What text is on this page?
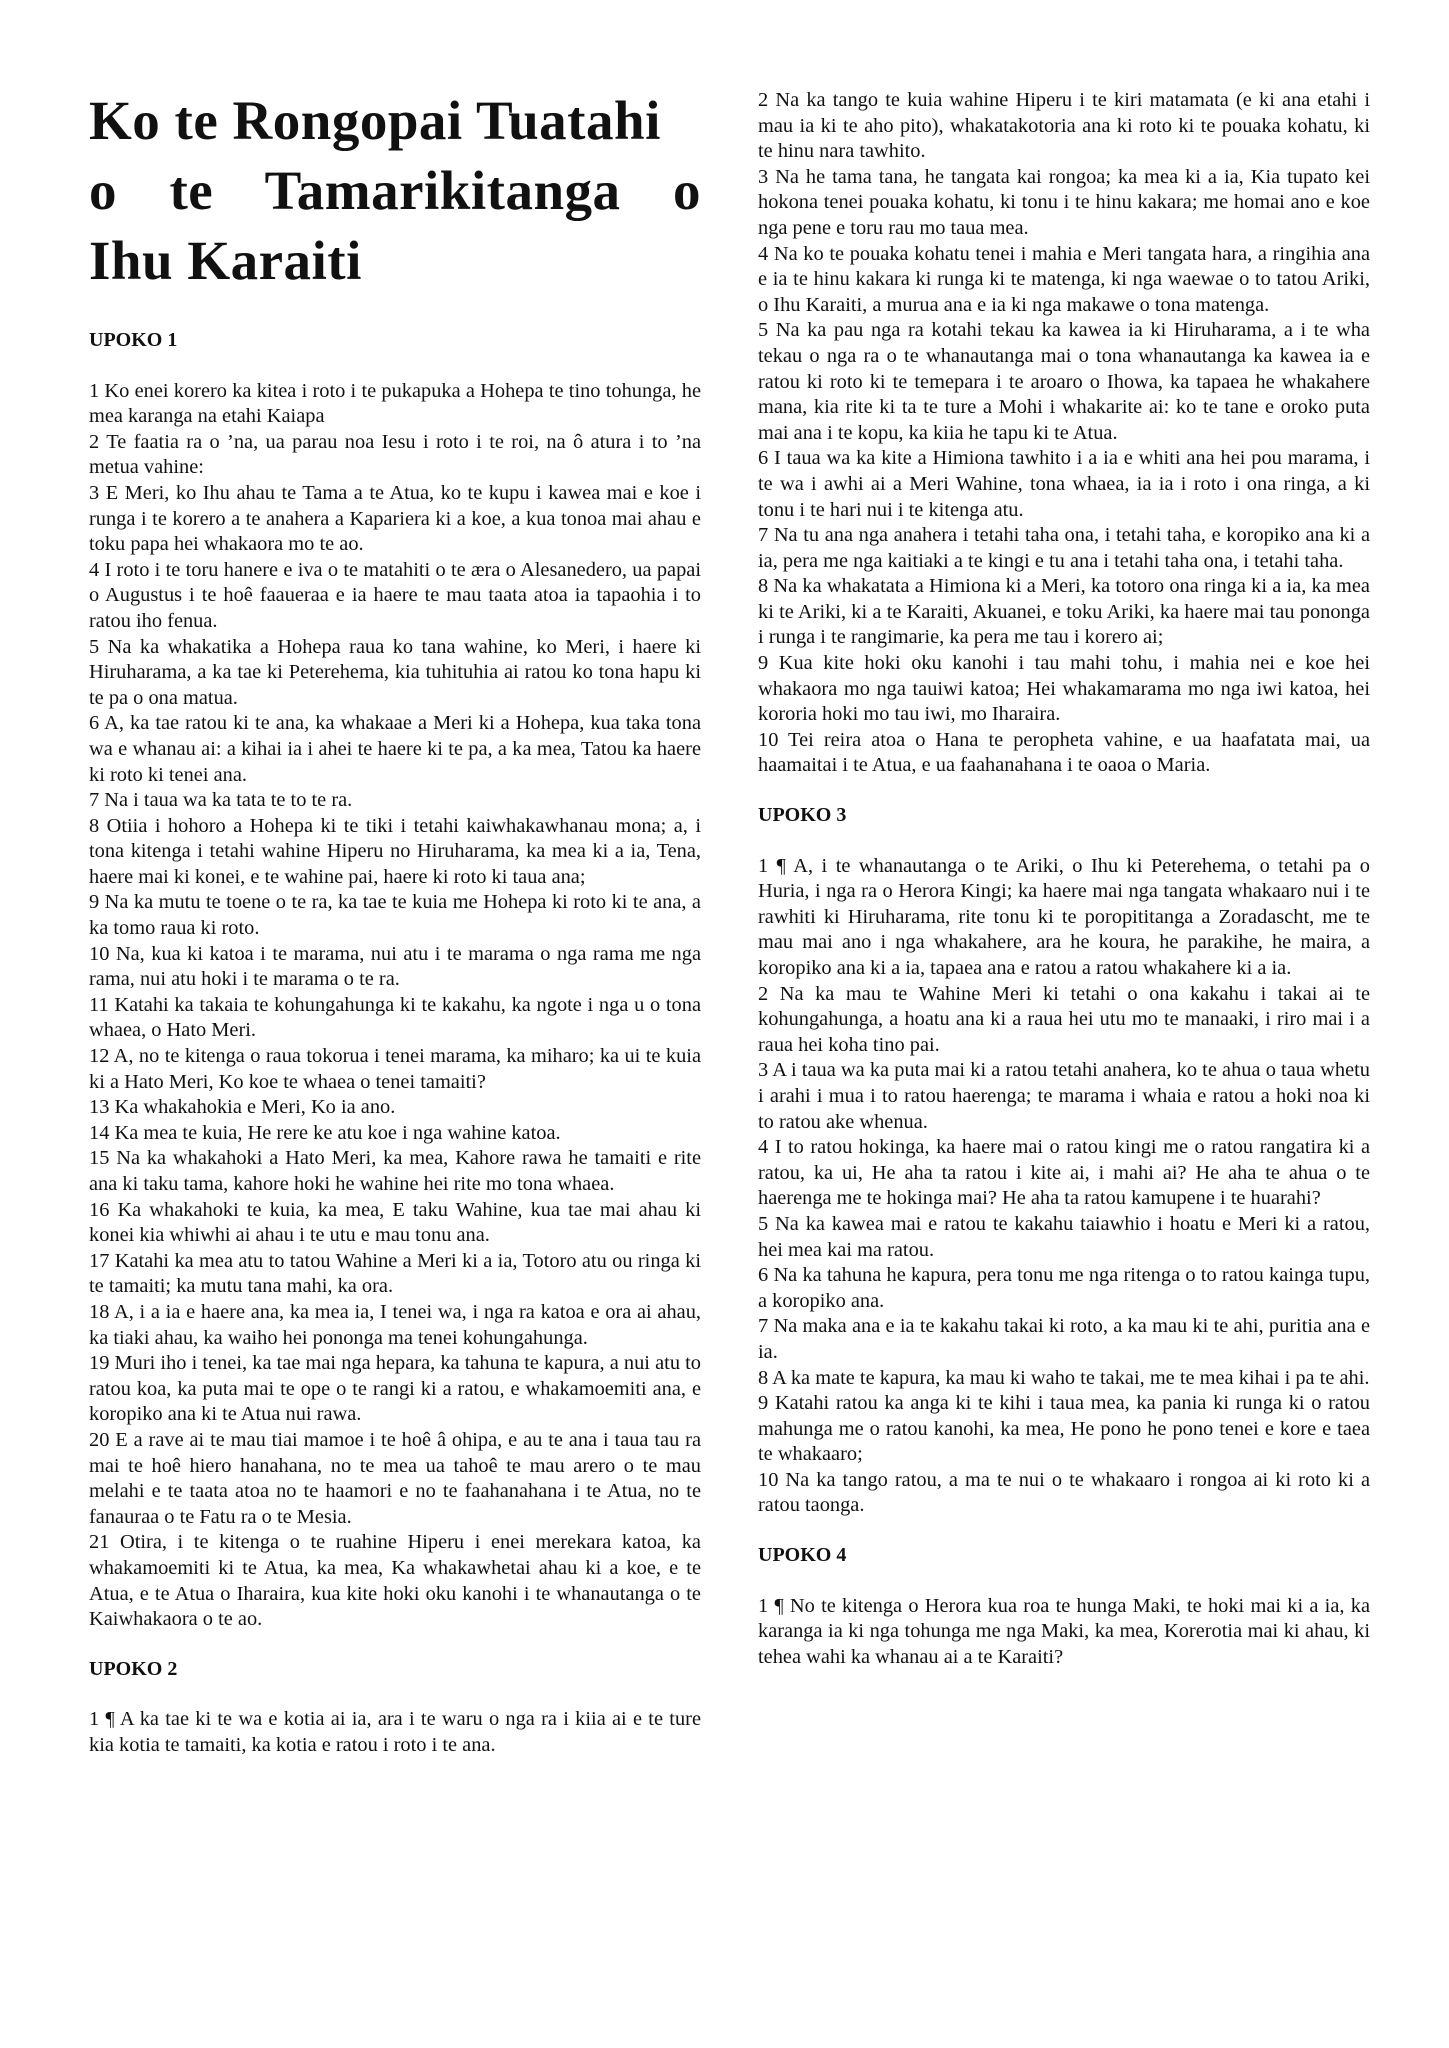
Ko te Rongopai Tuatahi
o te Tamarikitanga o
Ihu Karaiti

UPOKO 1

1 Ko enei korero ka kitea i roto i te pukapuka a Hohepa te tino tohunga, he mea karanga na etahi Kaiapa

2 Te faatia ra o ’na, ua parau noa Iesu i roto i te roi, na ô atura i to ’na metua vahine:

3 E Meri, ko Ihu ahau te Tama a te Atua, ko te kupu i kawea mai e koe i runga i te korero a te anahera a Kapariera ki a koe, a kua tonoa mai ahau e toku papa hei whakaora mo te ao.

4 I roto i te toru hanere e iva o te matahiti o te æra o Alesanedero, ua papai o Augustus i te hoê faaueraa e ia haere te mau taata atoa ia tapaohia i to ratou iho fenua.

5 Na ka whakatika a Hohepa raua ko tana wahine, ko Meri, i haere ki Hiruharama, a ka tae ki Peterehema, kia tuhituhia ai ratou ko tona hapu ki te pa o ona matua.

6 A, ka tae ratou ki te ana, ka whakaae a Meri ki a Hohepa, kua taka tona wa e whanau ai: a kihai ia i ahei te haere ki te pa, a ka mea, Tatou ka haere ki roto ki tenei ana.

7 Na i taua wa ka tata te to te ra.

8 Otiia i hohoro a Hohepa ki te tiki i tetahi kaiwhakawhanau mona; a, i tona kitenga i tetahi wahine Hiperu no Hiruharama, ka mea ki a ia, Tena, haere mai ki konei, e te wahine pai, haere ki roto ki taua ana;

9 Na ka mutu te toene o te ra, ka tae te kuia me Hohepa ki roto ki te ana, a ka tomo raua ki roto.

10 Na, kua ki katoa i te marama, nui atu i te marama o nga rama me nga rama, nui atu hoki i te marama o te ra.

11 Katahi ka takaia te kohungahunga ki te kakahu, ka ngote i nga u o tona whaea, o Hato Meri.

12 A, no te kitenga o raua tokorua i tenei marama, ka miharo; ka ui te kuia ki a Hato Meri, Ko koe te whaea o tenei tamaiti?

13 Ka whakahokia e Meri, Ko ia ano.

14 Ka mea te kuia, He rere ke atu koe i nga wahine katoa.

15 Na ka whakahoki a Hato Meri, ka mea, Kahore rawa he tamaiti e rite ana ki taku tama, kahore hoki he wahine hei rite mo tona whaea.

16 Ka whakahoki te kuia, ka mea, E taku Wahine, kua tae mai ahau ki konei kia whiwhi ai ahau i te utu e mau tonu ana.

17 Katahi ka mea atu to tatou Wahine a Meri ki a ia, Totoro atu ou ringa ki te tamaiti; ka mutu tana mahi, ka ora.

18 A, i a ia e haere ana, ka mea ia, I tenei wa, i nga ra katoa e ora ai ahau, ka tiaki ahau, ka waiho hei pononga ma tenei kohungahunga.

19 Muri iho i tenei, ka tae mai nga hepara, ka tahuna te kapura, a nui atu to ratou koa, ka puta mai te ope o te rangi ki a ratou, e whakamoemiti ana, e koropiko ana ki te Atua nui rawa.

20 E a rave ai te mau tiai mamoe i te hoê â ohipa, e au te ana i taua tau ra mai te hoê hiero hanahana, no te mea ua tahoê te mau arero o te mau melahi e te taata atoa no te haamori e no te faahanahana i te Atua, no te fanauraa o te Fatu ra o te Mesia.

21 Otira, i te kitenga o te ruahine Hiperu i enei merekara katoa, ka whakamoemiti ki te Atua, ka mea, Ka whakawhetai ahau ki a koe, e te Atua, e te Atua o Iharaira, kua kite hoki oku kanohi i te whanautanga o te Kaiwhakaora o te ao.

UPOKO 2

1 ¶ A ka tae ki te wa e kotia ai ia, ara i te waru o nga ra i kiia ai e te ture kia kotia te tamaiti, ka kotia e ratou i roto i te ana.

2 Na ka tango te kuia wahine Hiperu i te kiri matamata (e ki ana etahi i mau ia ki te aho pito), whakatakotoria ana ki roto ki te pouaka kohatu, ki te hinu nara tawhito.

3 Na he tama tana, he tangata kai rongoa; ka mea ki a ia, Kia tupato kei hokona tenei pouaka kohatu, ki tonu i te hinu kakara; me homai ano e koe nga pene e toru rau mo taua mea.

4 Na ko te pouaka kohatu tenei i mahia e Meri tangata hara, a ringihia ana e ia te hinu kakara ki runga ki te matenga, ki nga waewae o to tatou Ariki, o Ihu Karaiti, a murua ana e ia ki nga makawe o tona matenga.

5 Na ka pau nga ra kotahi tekau ka kawea ia ki Hiruharama, a i te wha tekau o nga ra o te whanautanga mai o tona whanautanga ka kawea ia e ratou ki roto ki te temepara i te aroaro o Ihowa, ka tapaea he whakahere mana, kia rite ki ta te ture a Mohi i whakarite ai: ko te tane e oroko puta mai ana i te kopu, ka kiia he tapu ki te Atua.

6 I taua wa ka kite a Himiona tawhito i a ia e whiti ana hei pou marama, i te wa i awhi ai a Meri Wahine, tona whaea, ia ia i roto i ona ringa, a ki tonu i te hari nui i te kitenga atu.

7 Na tu ana nga anahera i tetahi taha ona, i tetahi taha, e koropiko ana ki a ia, pera me nga kaitiaki a te kingi e tu ana i tetahi taha ona, i tetahi taha.

8 Na ka whakatata a Himiona ki a Meri, ka totoro ona ringa ki a ia, ka mea ki te Ariki, ki a te Karaiti, Akuanei, e toku Ariki, ka haere mai tau pononga i runga i te rangimarie, ka pera me tau i korero ai;

9 Kua kite hoki oku kanohi i tau mahi tohu, i mahia nei e koe hei whakaora mo nga tauiwi katoa; Hei whakamarama mo nga iwi katoa, hei kororia hoki mo tau iwi, mo Iharaira.

10 Tei reira atoa o Hana te peropheta vahine, e ua haafatata mai, ua haamaitai i te Atua, e ua faahanahana i te oaoa o Maria.

UPOKO 3

1 ¶ A, i te whanautanga o te Ariki, o Ihu ki Peterehema, o tetahi pa o Huria, i nga ra o Herora Kingi; ka haere mai nga tangata whakaaro nui i te rawhiti ki Hiruharama, rite tonu ki te poropititanga a Zoradascht, me te mau mai ano i nga whakahere, ara he koura, he parakihe, he maira, a koropiko ana ki a ia, tapaea ana e ratou a ratou whakahere ki a ia.

2 Na ka mau te Wahine Meri ki tetahi o ona kakahu i takai ai te kohungahunga, a hoatu ana ki a raua hei utu mo te manaaki, i riro mai i a raua hei koha tino pai.

3 A i taua wa ka puta mai ki a ratou tetahi anahera, ko te ahua o taua whetu i arahi i mua i to ratou haerenga; te marama i whaia e ratou a hoki noa ki to ratou ake whenua.

4 I to ratou hokinga, ka haere mai o ratou kingi me o ratou rangatira ki a ratou, ka ui, He aha ta ratou i kite ai, i mahi ai? He aha te ahua o te haerenga me te hokinga mai? He aha ta ratou kamupene i te huarahi?

5 Na ka kawea mai e ratou te kakahu taiawhio i hoatu e Meri ki a ratou, hei mea kai ma ratou.

6 Na ka tahuna he kapura, pera tonu me nga ritenga o to ratou kainga tupu, a koropiko ana.

7 Na maka ana e ia te kakahu takai ki roto, a ka mau ki te ahi, puritia ana e ia.

8 A ka mate te kapura, ka mau ki waho te takai, me te mea kihai i pa te ahi.

9 Katahi ratou ka anga ki te kihi i taua mea, ka pania ki runga ki o ratou mahunga me o ratou kanohi, ka mea, He pono he pono tenei e kore e taea te whakaaro;

10 Na ka tango ratou, a ma te nui o te whakaaro i rongoa ai ki roto ki a ratou taonga.

UPOKO 4

1 ¶ No te kitenga o Herora kua roa te hunga Maki, te hoki mai ki a ia, ka karanga ia ki nga tohunga me nga Maki, ka mea, Korerotia mai ki ahau, ki tehea wahi ka whanau ai a te Karaiti?
